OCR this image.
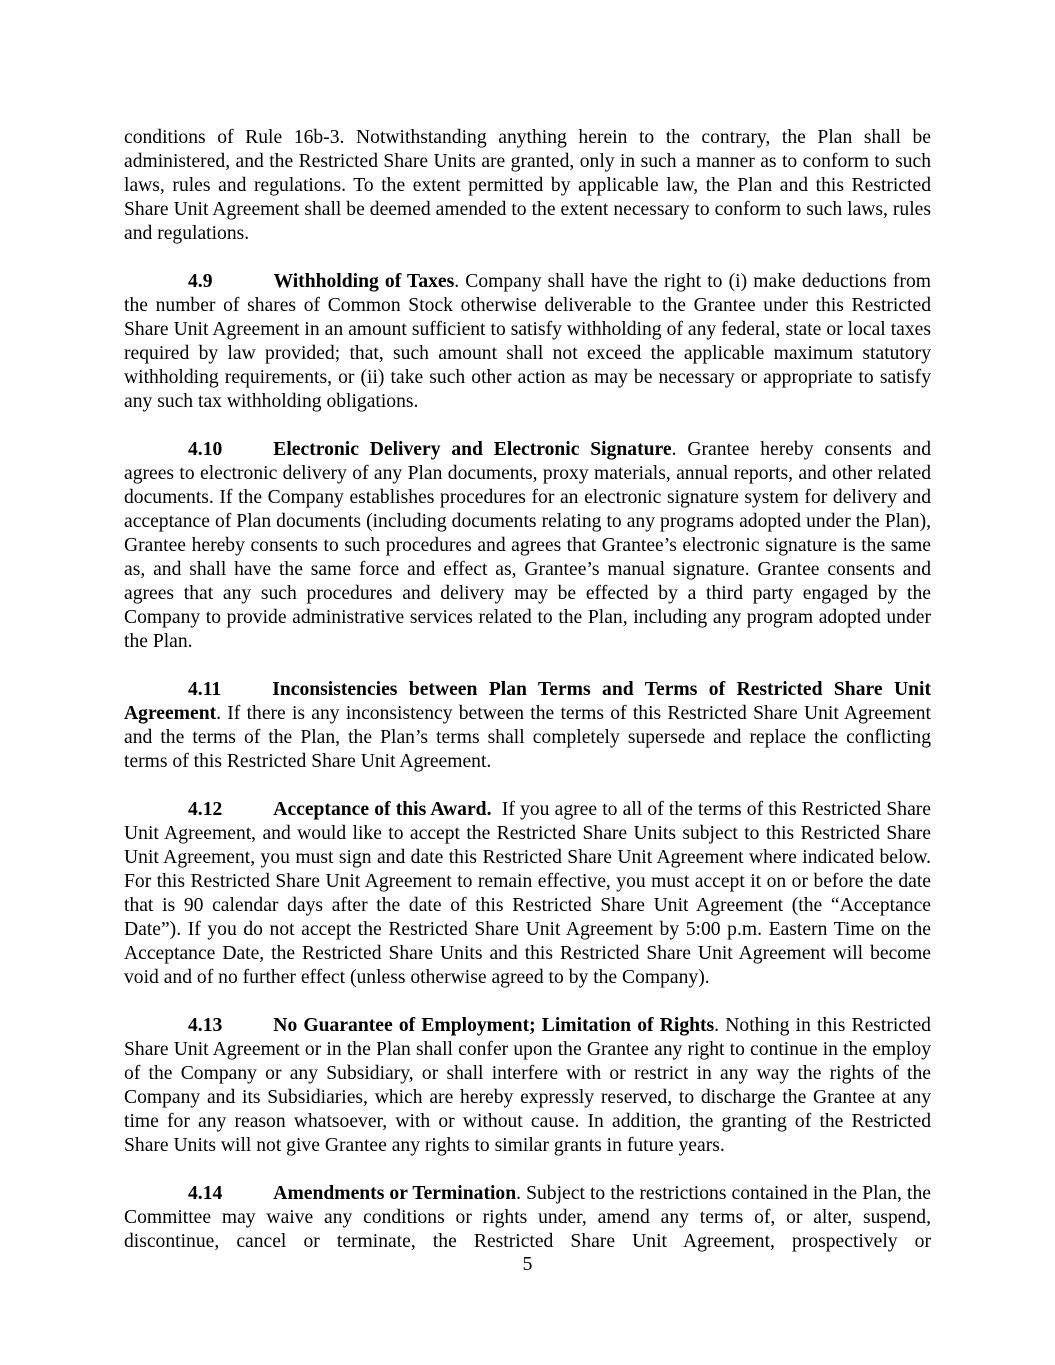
conditions of Rule 16b-3. Notwithstanding anything herein to the contrary, the Plan shall be administered, and the Restricted Share Units are granted, only in such a manner as to conform to such laws, rules and regulations. To the extent permitted by applicable law, the Plan and this Restricted Share Unit Agreement shall be deemed amended to the extent necessary to conform to such laws, rules and regulations.

4.9	Withholding of Taxes. Company shall have the right to (i) make deductions from the number of shares of Common Stock otherwise deliverable to the Grantee under this Restricted Share Unit Agreement in an amount sufficient to satisfy withholding of any federal, state or local taxes required by law provided; that, such amount shall not exceed the applicable maximum statutory withholding requirements, or (ii) take such other action as may be necessary or appropriate to satisfy any such tax withholding obligations.

4.10	Electronic Delivery and Electronic Signature. Grantee hereby consents and agrees to electronic delivery of any Plan documents, proxy materials, annual reports, and other related documents. If the Company establishes procedures for an electronic signature system for delivery and acceptance of Plan documents (including documents relating to any programs adopted under the Plan), Grantee hereby consents to such procedures and agrees that Grantee’s electronic signature is the same as, and shall have the same force and effect as, Grantee’s manual signature. Grantee consents and agrees that any such procedures and delivery may be effected by a third party engaged by the Company to provide administrative services related to the Plan, including any program adopted under the Plan.

4.11	Inconsistencies between Plan Terms and Terms of Restricted Share Unit Agreement. If there is any inconsistency between the terms of this Restricted Share Unit Agreement and the terms of the Plan, the Plan’s terms shall completely supersede and replace the conflicting terms of this Restricted Share Unit Agreement.

4.12	Acceptance of this Award.  If you agree to all of the terms of this Restricted Share Unit Agreement, and would like to accept the Restricted Share Units subject to this Restricted Share Unit Agreement, you must sign and date this Restricted Share Unit Agreement where indicated below. For this Restricted Share Unit Agreement to remain effective, you must accept it on or before the date that is 90 calendar days after the date of this Restricted Share Unit Agreement (the “Acceptance Date”). If you do not accept the Restricted Share Unit Agreement by 5:00 p.m. Eastern Time on the Acceptance Date, the Restricted Share Units and this Restricted Share Unit Agreement will become void and of no further effect (unless otherwise agreed to by the Company).

4.13	No Guarantee of Employment; Limitation of Rights. Nothing in this Restricted Share Unit Agreement or in the Plan shall confer upon the Grantee any right to continue in the employ of the Company or any Subsidiary, or shall interfere with or restrict in any way the rights of the Company and its Subsidiaries, which are hereby expressly reserved, to discharge the Grantee at any time for any reason whatsoever, with or without cause. In addition, the granting of the Restricted Share Units will not give Grantee any rights to similar grants in future years.

4.14	Amendments or Termination. Subject to the restrictions contained in the Plan, the Committee may waive any conditions or rights under, amend any terms of, or alter, suspend, discontinue, cancel or terminate, the Restricted Share Unit Agreement, prospectively or

5
